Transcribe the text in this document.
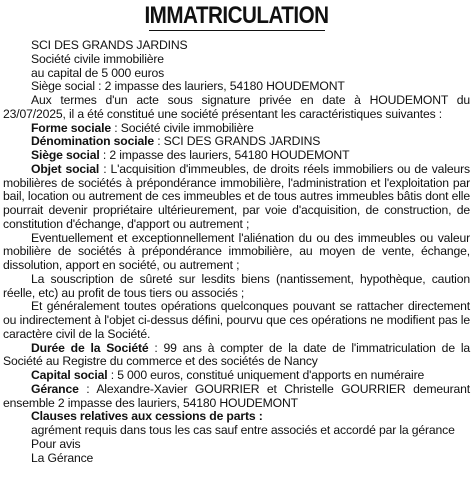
IMMATRICULATION
SCI DES GRANDS JARDINS
Société civile immobilière
au capital de 5 000 euros
Siège social : 2 impasse des lauriers, 54180 HOUDEMONT

Aux termes d'un acte sous signature privée en date à HOUDEMONT du 23/07/2025, il a été constitué une société présentant les caractéristiques suivantes :

Forme sociale : Société civile immobilière
Dénomination sociale : SCI DES GRANDS JARDINS
Siège social : 2 impasse des lauriers, 54180 HOUDEMONT

Objet social : L'acquisition d'immeubles, de droits réels immobiliers ou de valeurs mobilières de sociétés à prépondérance immobilière, l'administration et l'exploitation par bail, location ou autrement de ces immeubles et de tous autres immeubles bâtis dont elle pourrait devenir propriétaire ultérieurement, par voie d'acquisition, de construction, de constitution d'échange, d'apport ou autrement ;

Eventuellement et exceptionnellement l'aliénation du ou des immeubles ou valeur mobilière de sociétés à prépondérance immobilière, au moyen de vente, échange, dissolution, apport en société, ou autrement ;

La souscription de sûreté sur lesdits biens (nantissement, hypothèque, caution réelle, etc) au profit de tous tiers ou associés ;

Et généralement toutes opérations quelconques pouvant se rattacher directement ou indirectement à l'objet ci-dessus défini, pourvu que ces opérations ne modifient pas le caractère civil de la Société.

Durée de la Société : 99 ans à compter de la date de l'immatriculation de la Société au Registre du commerce et des sociétés de Nancy

Capital social : 5 000 euros, constitué uniquement d'apports en numéraire

Gérance : Alexandre-Xavier GOURRIER et Christelle GOURRIER demeurant ensemble 2 impasse des lauriers, 54180 HOUDEMONT

Clauses relatives aux cessions de parts :
agrément requis dans tous les cas sauf entre associés et accordé par la gérance
Pour avis
La Gérance
